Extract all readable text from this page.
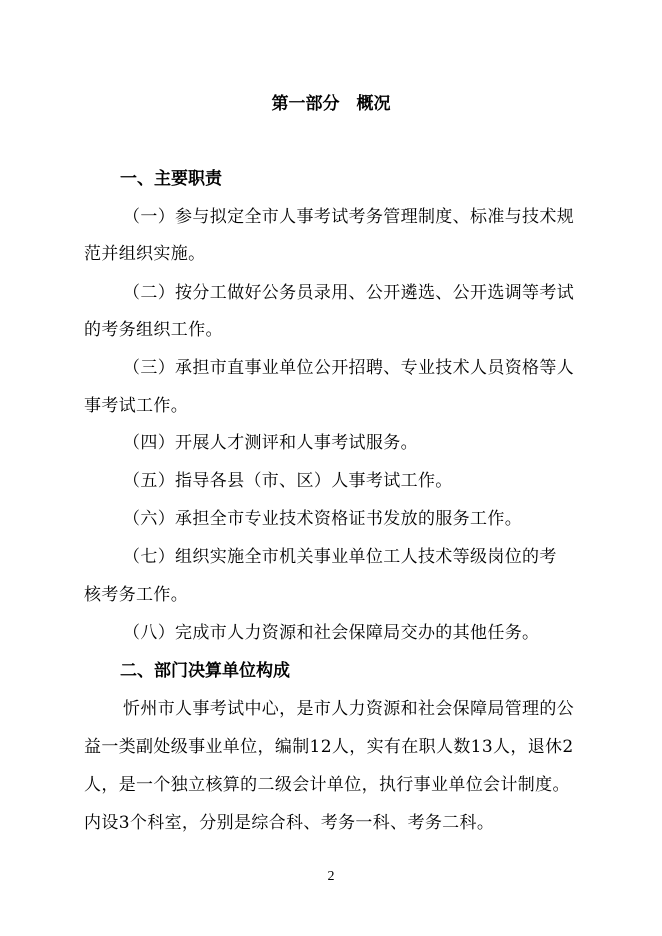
第一部分　概况
一、主要职责
（一）参与拟定全市人事考试考务管理制度、标准与技术规
范并组织实施。
（二）按分工做好公务员录用、公开遴选、公开选调等考试
的考务组织工作。
（三）承担市直事业单位公开招聘、专业技术人员资格等人
事考试工作。
（四）开展人才测评和人事考试服务。
（五）指导各县（市、区）人事考试工作。
（六）承担全市专业技术资格证书发放的服务工作。
（七）组织实施全市机关事业单位工人技术等级岗位的考
核考务工作。
（八）完成市人力资源和社会保障局交办的其他任务。
二、部门决算单位构成
忻州市人事考试中心，是市人力资源和社会保障局管理的公
益一类副处级事业单位，编制12人，实有在职人数13人，退休2
人，是一个独立核算的二级会计单位，执行事业单位会计制度。
内设3个科室，分别是综合科、考务一科、考务二科。
2
